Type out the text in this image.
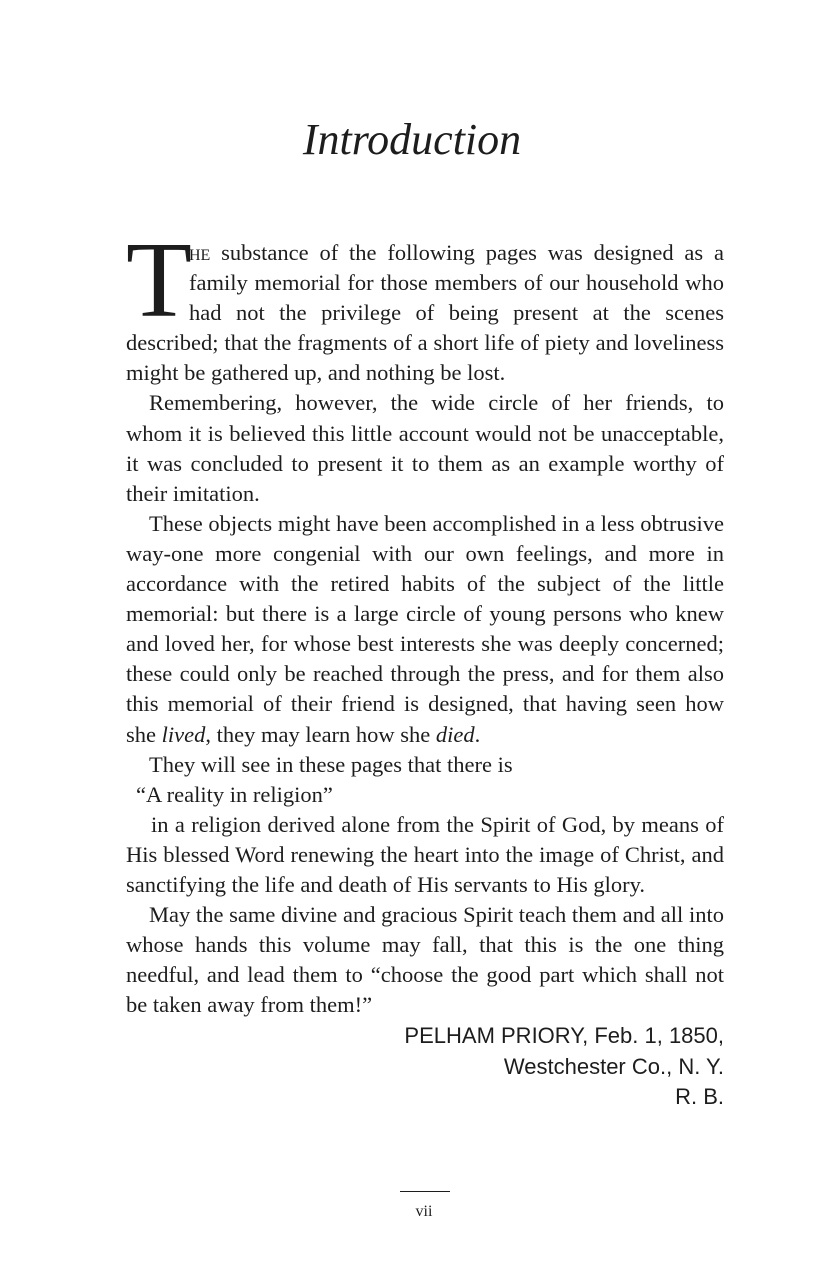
Introduction

T
he substance of the following pages was designed as a family memorial for those members of our household who had not the privilege of being present at the scenes described; that the fragments of a short life of piety and loveliness might be gathered up, and nothing be lost.

Remembering, however, the wide circle of her friends, to whom it is believed this little account would not be unacceptable, it was concluded to present it to them as an example worthy of their imitation.

These objects might have been accomplished in a less obtrusive way-one more congenial with our own feelings, and more in accordance with the retired habits of the subject of the little memorial: but there is a large circle of young persons who knew and loved her, for whose best interests she was deeply concerned; these could only be reached through the press, and for them also this memorial of their friend is designed, that having seen how she lived, they may learn how she died.

They will see in these pages that there is

“A reality in religion”

in a religion derived alone from the Spirit of God, by means of His blessed Word renewing the heart into the image of Christ, and sanctifying the life and death of His servants to His glory.

May the same divine and gracious Spirit teach them and all into whose hands this volume may fall, that this is the one thing needful, and lead them to “choose the good part which shall not be taken away from them!”

PELHAM PRIORY, Feb. 1, 1850,
Westchester Co., N. Y.
R. B.
vii
